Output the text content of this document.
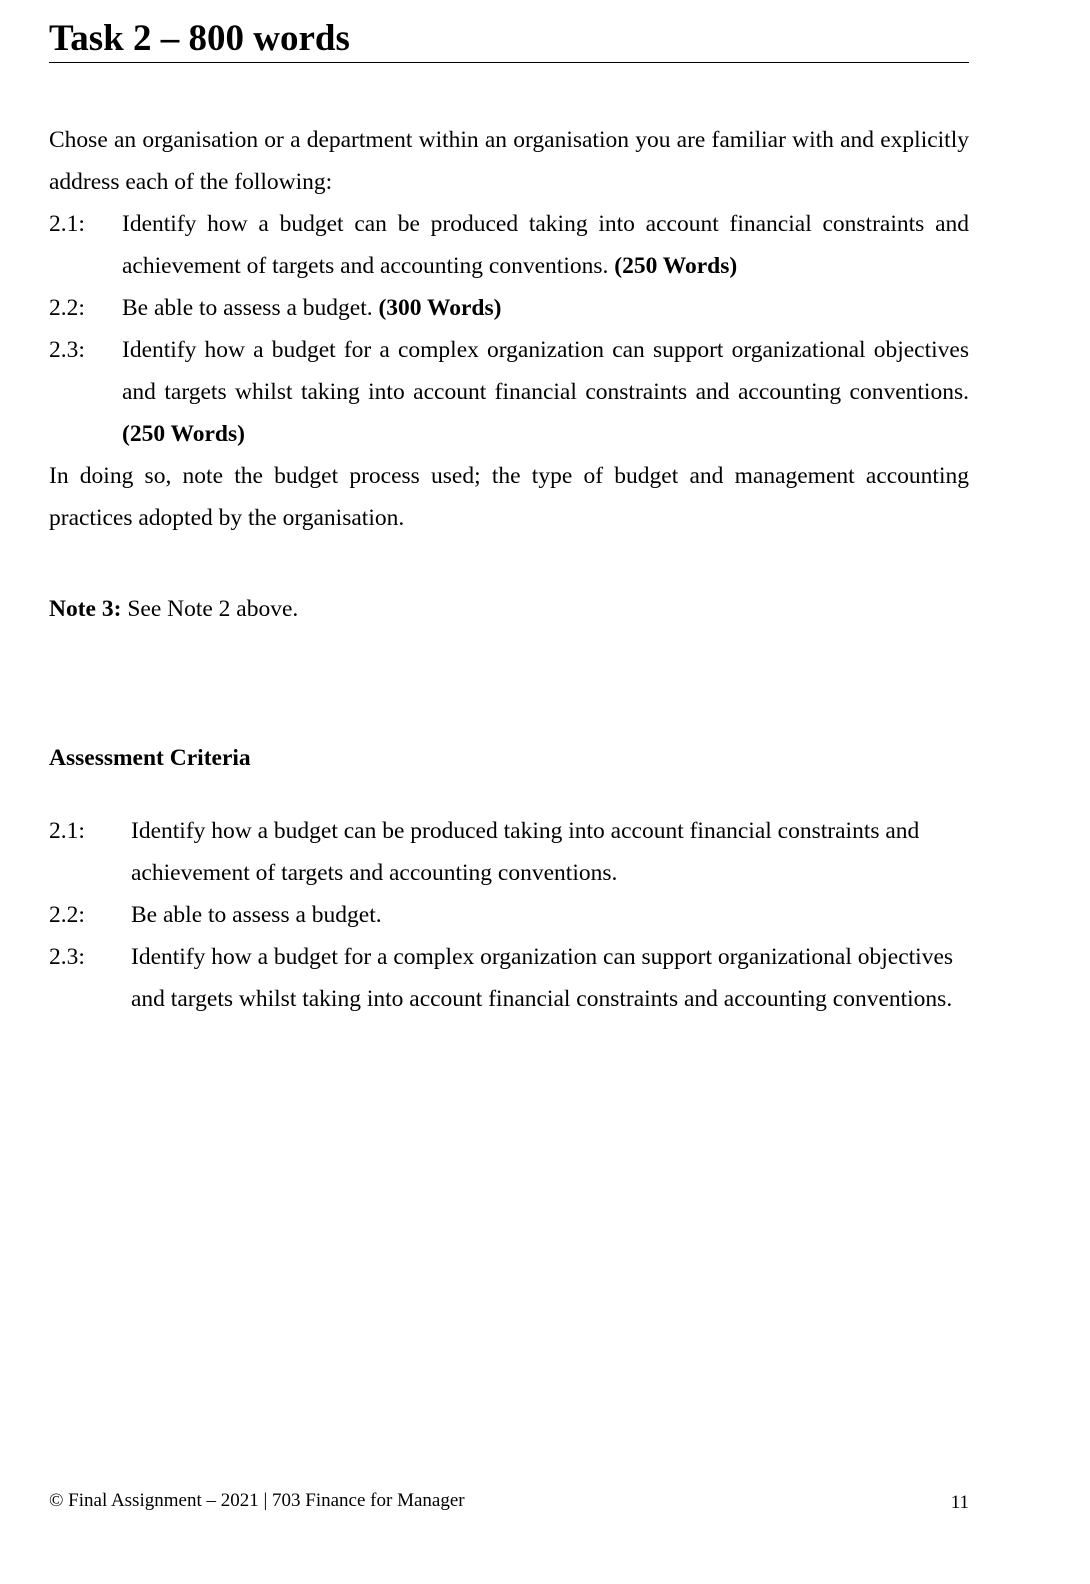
Task 2 – 800 words

Chose an organisation or a department within an organisation you are familiar with and explicitly address each of the following:

2.1:	Identify how a budget can be produced taking into account financial constraints and achievement of targets and accounting conventions. (250 Words)
2.2:	Be able to assess a budget. (300 Words)
2.3:	Identify how a budget for a complex organization can support organizational objectives and targets whilst taking into account financial constraints and accounting conventions. (250 Words)

In doing so, note the budget process used; the type of budget and management accounting practices adopted by the organisation.

Note 3: See Note 2 above.

Assessment Criteria
2.1:	Identify how a budget can be produced taking into account financial constraints and achievement of targets and accounting conventions.
2.2:	Be able to assess a budget.
2.3:	Identify how a budget for a complex organization can support organizational objectives and targets whilst taking into account financial constraints and accounting conventions.
© Final Assignment – 2021 | 703 Finance for Manager	11
